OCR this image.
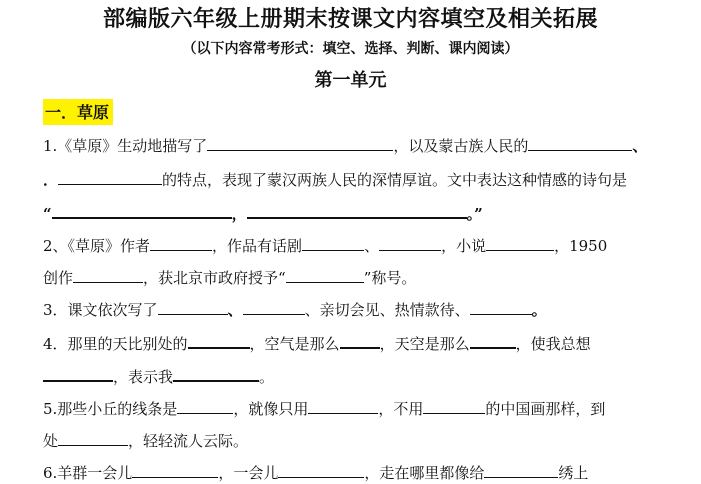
部编版六年级上册期末按课文内容填空及相关拓展
（以下内容常考形式：填空、选择、判断、课内阅读）
第一单元
一．草原
1.《草原》生动地描写了	，以及蒙古族人民的	、
．	的特点，表现了蒙汉两族人民的深情厚谊。文中表达这种情感的诗句是
“	，	。”
2、《草原》作者	，作品有话剧	、	，小说	，1950
创作	，获北京市政府授予“	”称号。
3．课文依次写了	、	、亲切会见、热情款待、	。
4．那里的天比别处的	，空气是那么	，天空是那么	，使我总想
，表示我	。
5.那些小丘的线条是	，就像只用	，不用	的中国画那样，到
处	，轻轻流人云际。
6.羊群一会儿	，一会儿	，走在哪里都像给	绣上
